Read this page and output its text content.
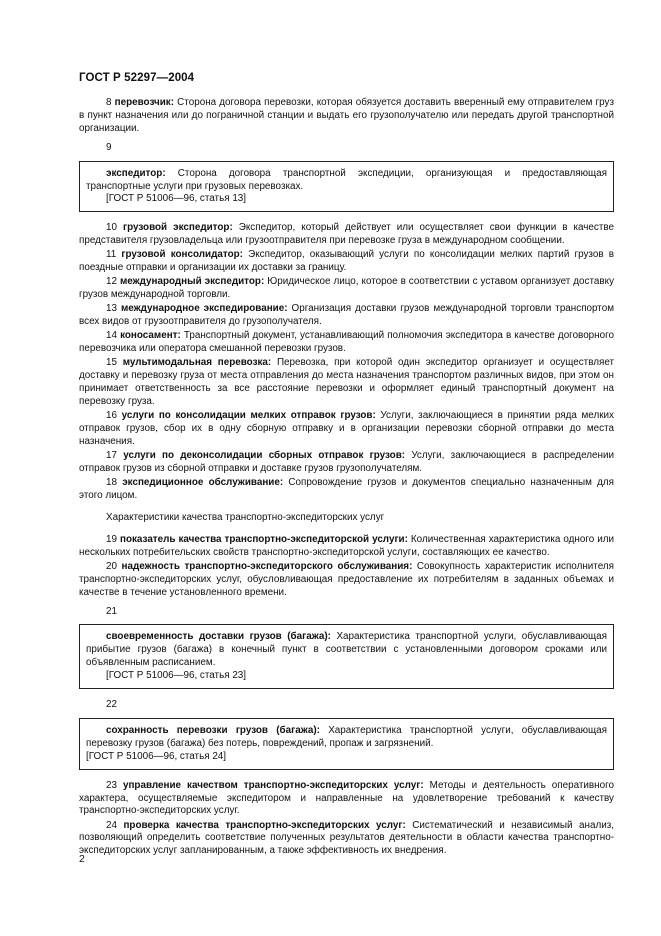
ГОСТ Р 52297—2004

8 перевозчик: Сторона договора перевозки, которая обязуется доставить вверенный ему отправителем груз в пункт назначения или до пограничной станции и выдать его грузополучателю или передать другой транспортной организации.

9

экспедитор: Сторона договора транспортной экспедиции, организующая и предоставляющая транспортные услуги при грузовых перевозках.

[ГОСТ Р 51006—96, статья 13]

10 грузовой экспедитор: Экспедитор, который действует или осуществляет свои функции в качестве представителя грузовладельца или грузоотправителя при перевозке груза в международном сообщении.

11 грузовой консолидатор: Экспедитор, оказывающий услуги по консолидации мелких партий грузов в поездные отправки и организации их доставки за границу.

12 международный экспедитор: Юридическое лицо, которое в соответствии с уставом организует доставку грузов международной торговли.

13 международное экспедирование: Организация доставки грузов международной торговли транспортом всех видов от грузоотправителя до грузополучателя.

14 коносамент: Транспортный документ, устанавливающий полномочия экспедитора в качестве договорного перевозчика или оператора смешанной перевозки грузов.

15 мультимодальная перевозка: Перевозка, при которой один экспедитор организует и осуществляет доставку и перевозку груза от места отправления до места назначения транспортом различных видов, при этом он принимает ответственность за все расстояние перевозки и оформляет единый транспортный документ на перевозку груза.

16 услуги по консолидации мелких отправок грузов: Услуги, заключающиеся в принятии ряда мелких отправок грузов, сбор их в одну сборную отправку и в организации перевозки сборной отправки до места назначения.

17 услуги по деконсолидации сборных отправок грузов: Услуги, заключающиеся в распределении отправок грузов из сборной отправки и доставке грузов грузополучателям.

18 экспедиционное обслуживание: Сопровождение грузов и документов специально назначенным для этого лицом.

Характеристики качества транспортно-экспедиторских услуг

19 показатель качества транспортно-экспедиторской услуги: Количественная характеристика одного или нескольких потребительских свойств транспортно-экспедиторской услуги, составляющих ее качество.

20 надежность транспортно-экспедиторского обслуживания: Совокупность характеристик исполнителя транспортно-экспедиторских услуг, обусловливающая предоставление их потребителям в заданных объемах и качестве в течение установленного времени.

21

своевременность доставки грузов (багажа): Характеристика транспортной услуги, обуславливающая прибытие грузов (багажа) в конечный пункт в соответствии с установленными договором сроками или объявленным расписанием.

[ГОСТ Р 51006—96, статья 23]
22

сохранность перевозки грузов (багажа): Характеристика транспортной услуги, обуславливающая перевозку грузов (багажа) без потерь, повреждений, пропаж и загрязнений.

[ГОСТ Р 51006—96, статья 24]

23 управление качеством транспортно-экспедиторских услуг: Методы и деятельность оперативного характера, осуществляемые экспедитором и направленные на удовлетворение требований к качеству транспортно-экспедиторских услуг.

24 проверка качества транспортно-экспедиторских услуг: Систематический и независимый анализ, позволяющий определить соответствие полученных результатов деятельности в области качества транспортно-экспедиторских услуг запланированным, а также эффективность их внедрения.

2
